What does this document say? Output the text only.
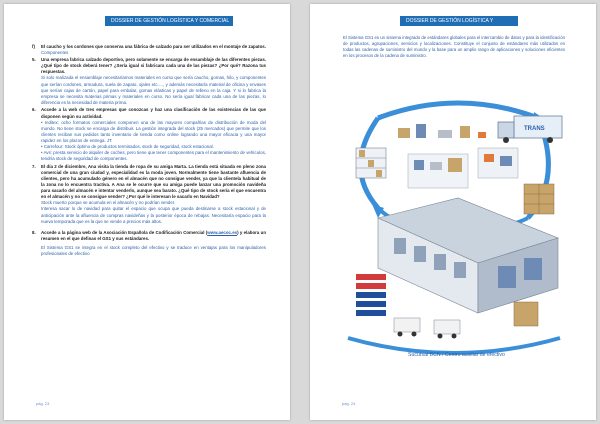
DOSSIER DE GESTIÓN LOGÍSTICA Y COMERCIAL
f)	El caucho y los cordones que conserva una fábrica de calzado para ser utilizados en el montaje de zapatos.
Componentes
5.	Una empresa fabrica calzado deportivo, pero solamente se encarga de ensamblaje de las diferentes piezas. ¿Qué tipo de stock deberá tener? ¿Sería igual si fabricara cada una de las piezas? ¿Por qué? Razona tus respuestas.
Si solo realizada el ensamblaje necesitaríamos materiales en curso que sería caucho, gomas, hilo, y componentes que serían cordones, armadura, suela de zapato, ojales etc.…, y además necesitaría material de oficina y envases que serían cajas de cartón, papel para embalar, gomas elásticas y papel de relleno en la caja. Y si lo fabrica la empresa se necesita materias primas y materiales en curso. No sería igual fabricar cada una de las piezas, lo diferencia es la necesidad de materia prima.
6.	Accede a la web de tres empresas que conozcas y haz una clasificación de las existencias de las que disponen según su actividad.

• Inditex: ocho formatos comerciales componen una de las mayores compañías de distribución de moda del mundo. No tiene stock se encarga de distribuir. La gestión integrada del stock (25 mercados) que permite que los clientes reciban sus pedidos tanto inventario de tienda como online logrando una mayor eficacia y una mayor rapidez en los plazos de entrega. JT.

• Carrefour: Stock óptimo de productos terminados, stock de seguridad, stock estacional.

• Avs: presta servicio de alquiler de coches, pero tiene que tener componentes para el mantenimiento de vehículos, tendría stock de seguridad de componentes.

7.	El día 2 de diciembre, Ana visita la tienda de ropa de su amiga Marta. La tienda está situada en pleno zona comercial de una gran ciudad y, especialidad es la moda joven. Normalmente tiene bastante afluencia de clientes, pero ha acumulado género en el almacén que no consigue vender, ya que la clientela habitual de la zona no lo encuentra tractiva. A Ana se le ocurre que su amiga puede lanzar una promoción navideña para sacarlo del almacén e intentar venderlo, aunque sea barato. ¿Qué tipo de stock sería el que encuentra en el almacén y no se consigue vender? ¿Por qué le interesan le sacarlo en Navidad?

Stock muerto porque se acumula en el almacén y no podrían vender.

Interesa sacar lo de navidad para quitar el espacio que ocupa que pueda destinarse a stock estacional y de anticipación ante la afluencia de compras navideñas y la posterior época de rebajas. Necesitaría espacio para la nueva temporada que es la que se vende a precios más altos.

8.	Accede a la página web de la Asociación Española de Codificación Comercial (www.aecoc.es) y elabora un resumen en el que definas el GS1 y sus estándares.
El Sistema GS1 se integra en el stock completo del efectivo y se traduce en ventajas para los manipuladores profesionales de efectivo
pág. 23
DOSSIER DE GESTIÓN LOGÍSTICA Y COMERCIAL
El Sistema GS1 es un sistema integrado de estándares globales para el intercambio de datos y para la identificación de productos, agrupaciones, servicios y localizaciones. Constituye el conjunto de estándares más utilizados en todas las cadenas de suministro del mundo y la base para un amplio rango de aplicaciones y soluciones eficientes en los procesos de la cadena de suministro.
TRANS
Sucursal BCN / Centro auxiliar de efectivo
pág. 24
